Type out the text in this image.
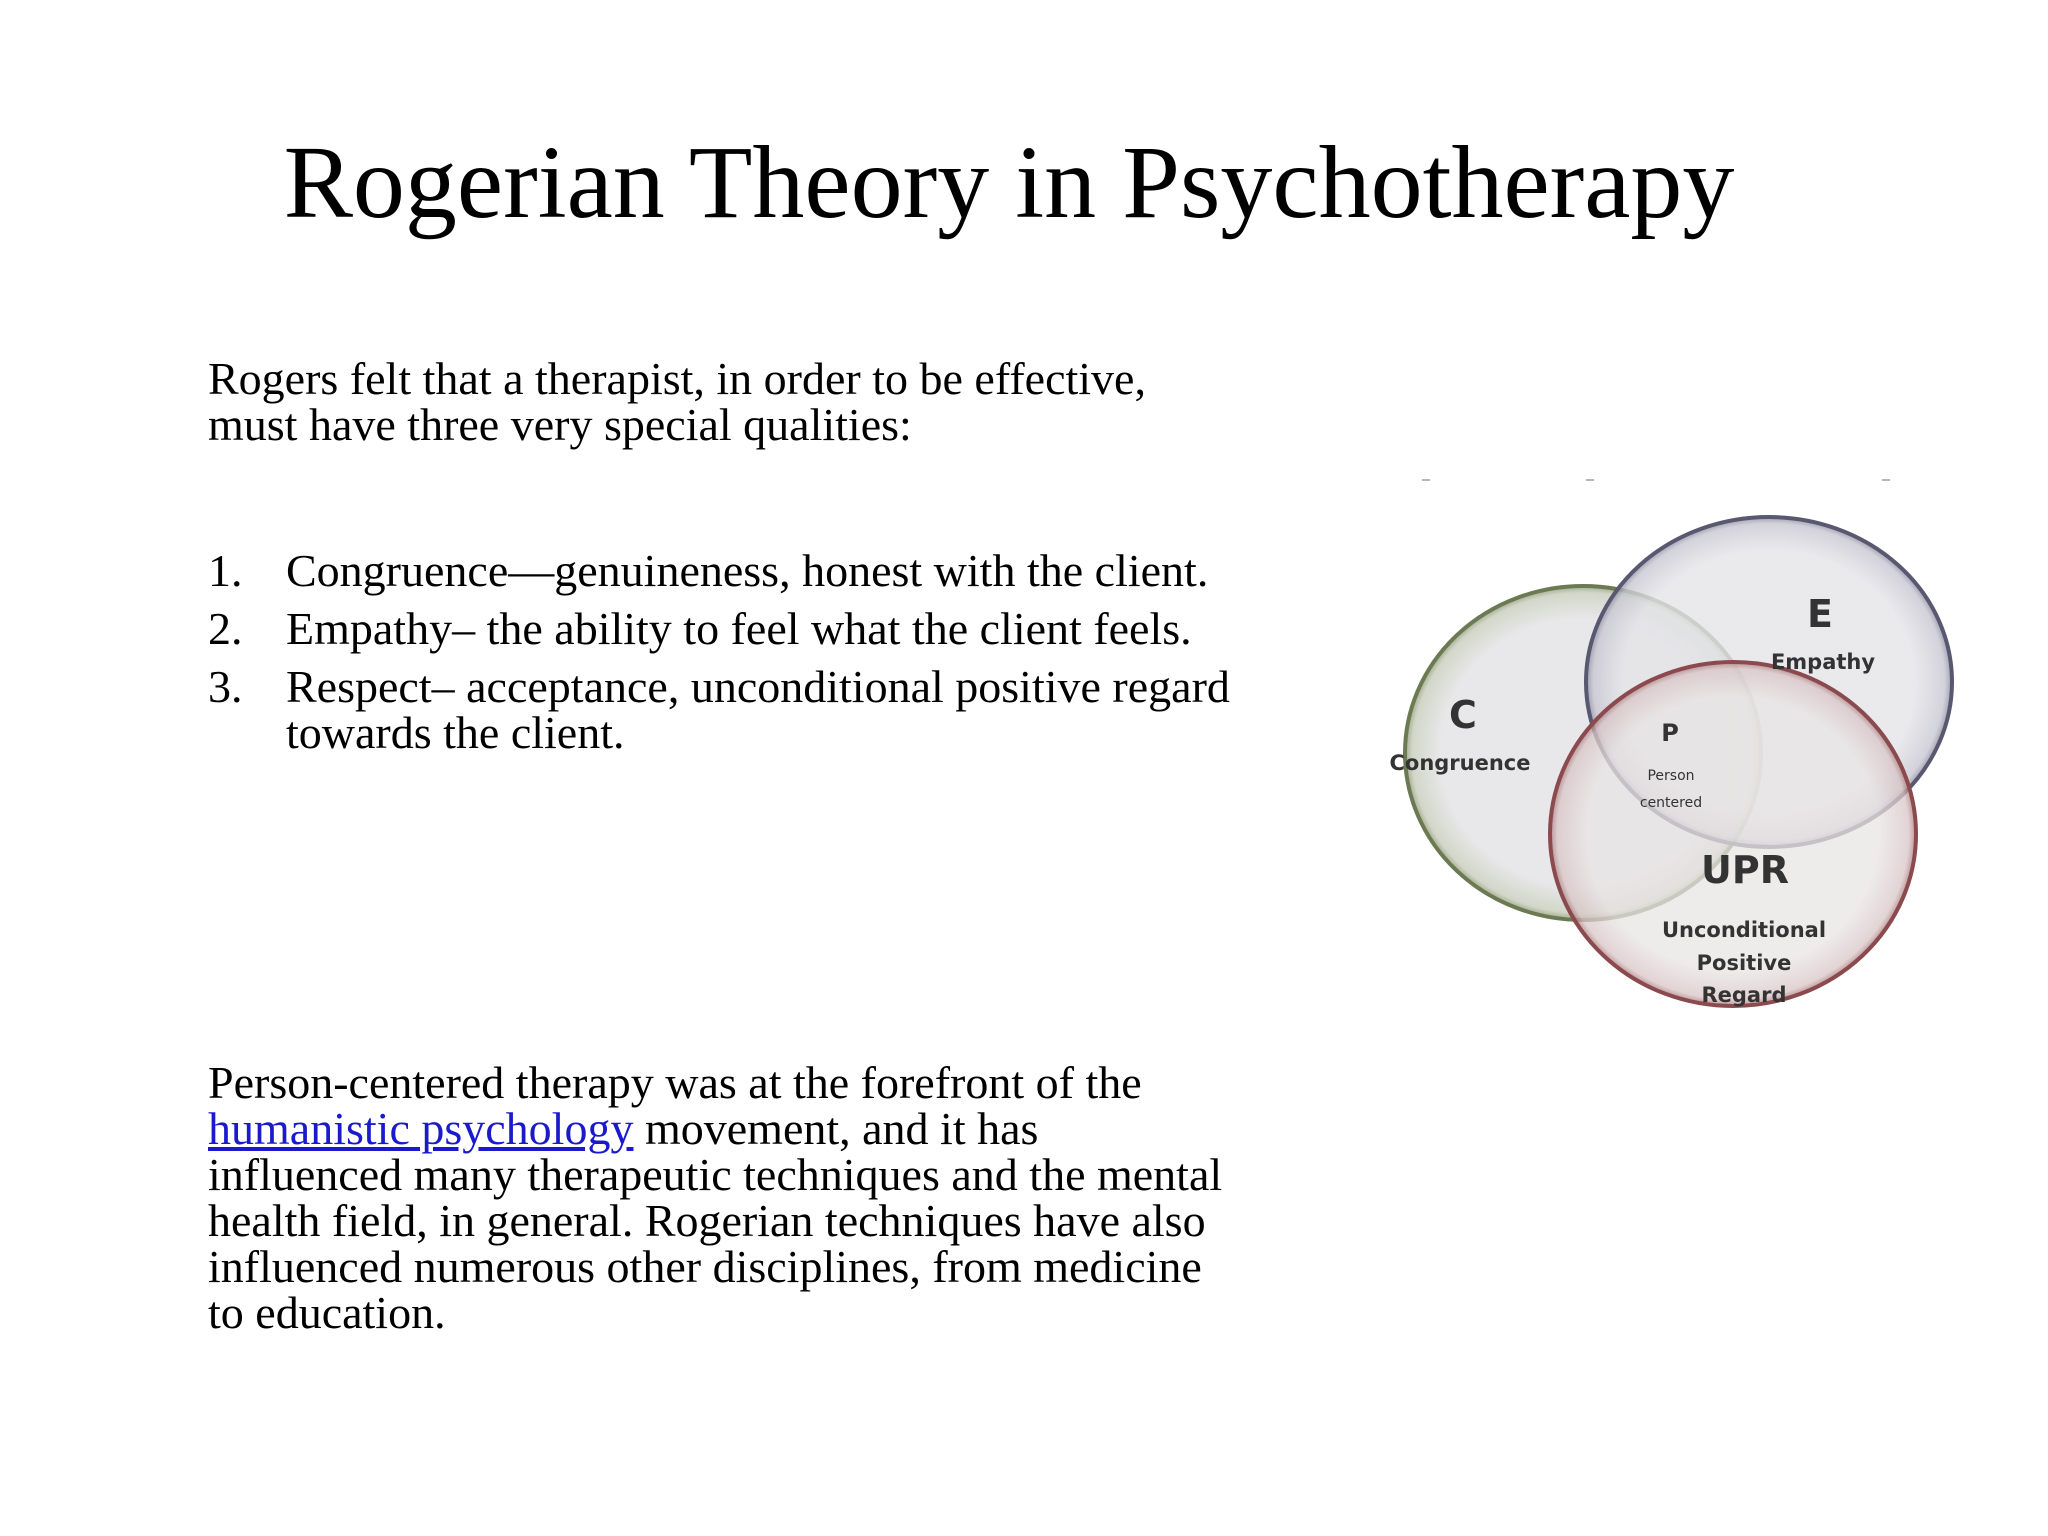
Rogerian Theory in Psychotherapy
Rogers felt that a therapist, in order to be effective,
must have three very special qualities:
1. Congruence—genuineness, honest with the client.
2. Empathy– the ability to feel what the client feels.
3. Respect– acceptance, unconditional positive regard
towards the client.
Person-centered therapy was at the forefront of the
humanistic psychology movement, and it has
influenced many therapeutic techniques and the mental
health field, in general. Rogerian techniques have also
influenced numerous other disciplines, from medicine
to education.
C
Congruence
E
Empathy
P
Person
centered
UPR
Unconditional
Positive
Regard
